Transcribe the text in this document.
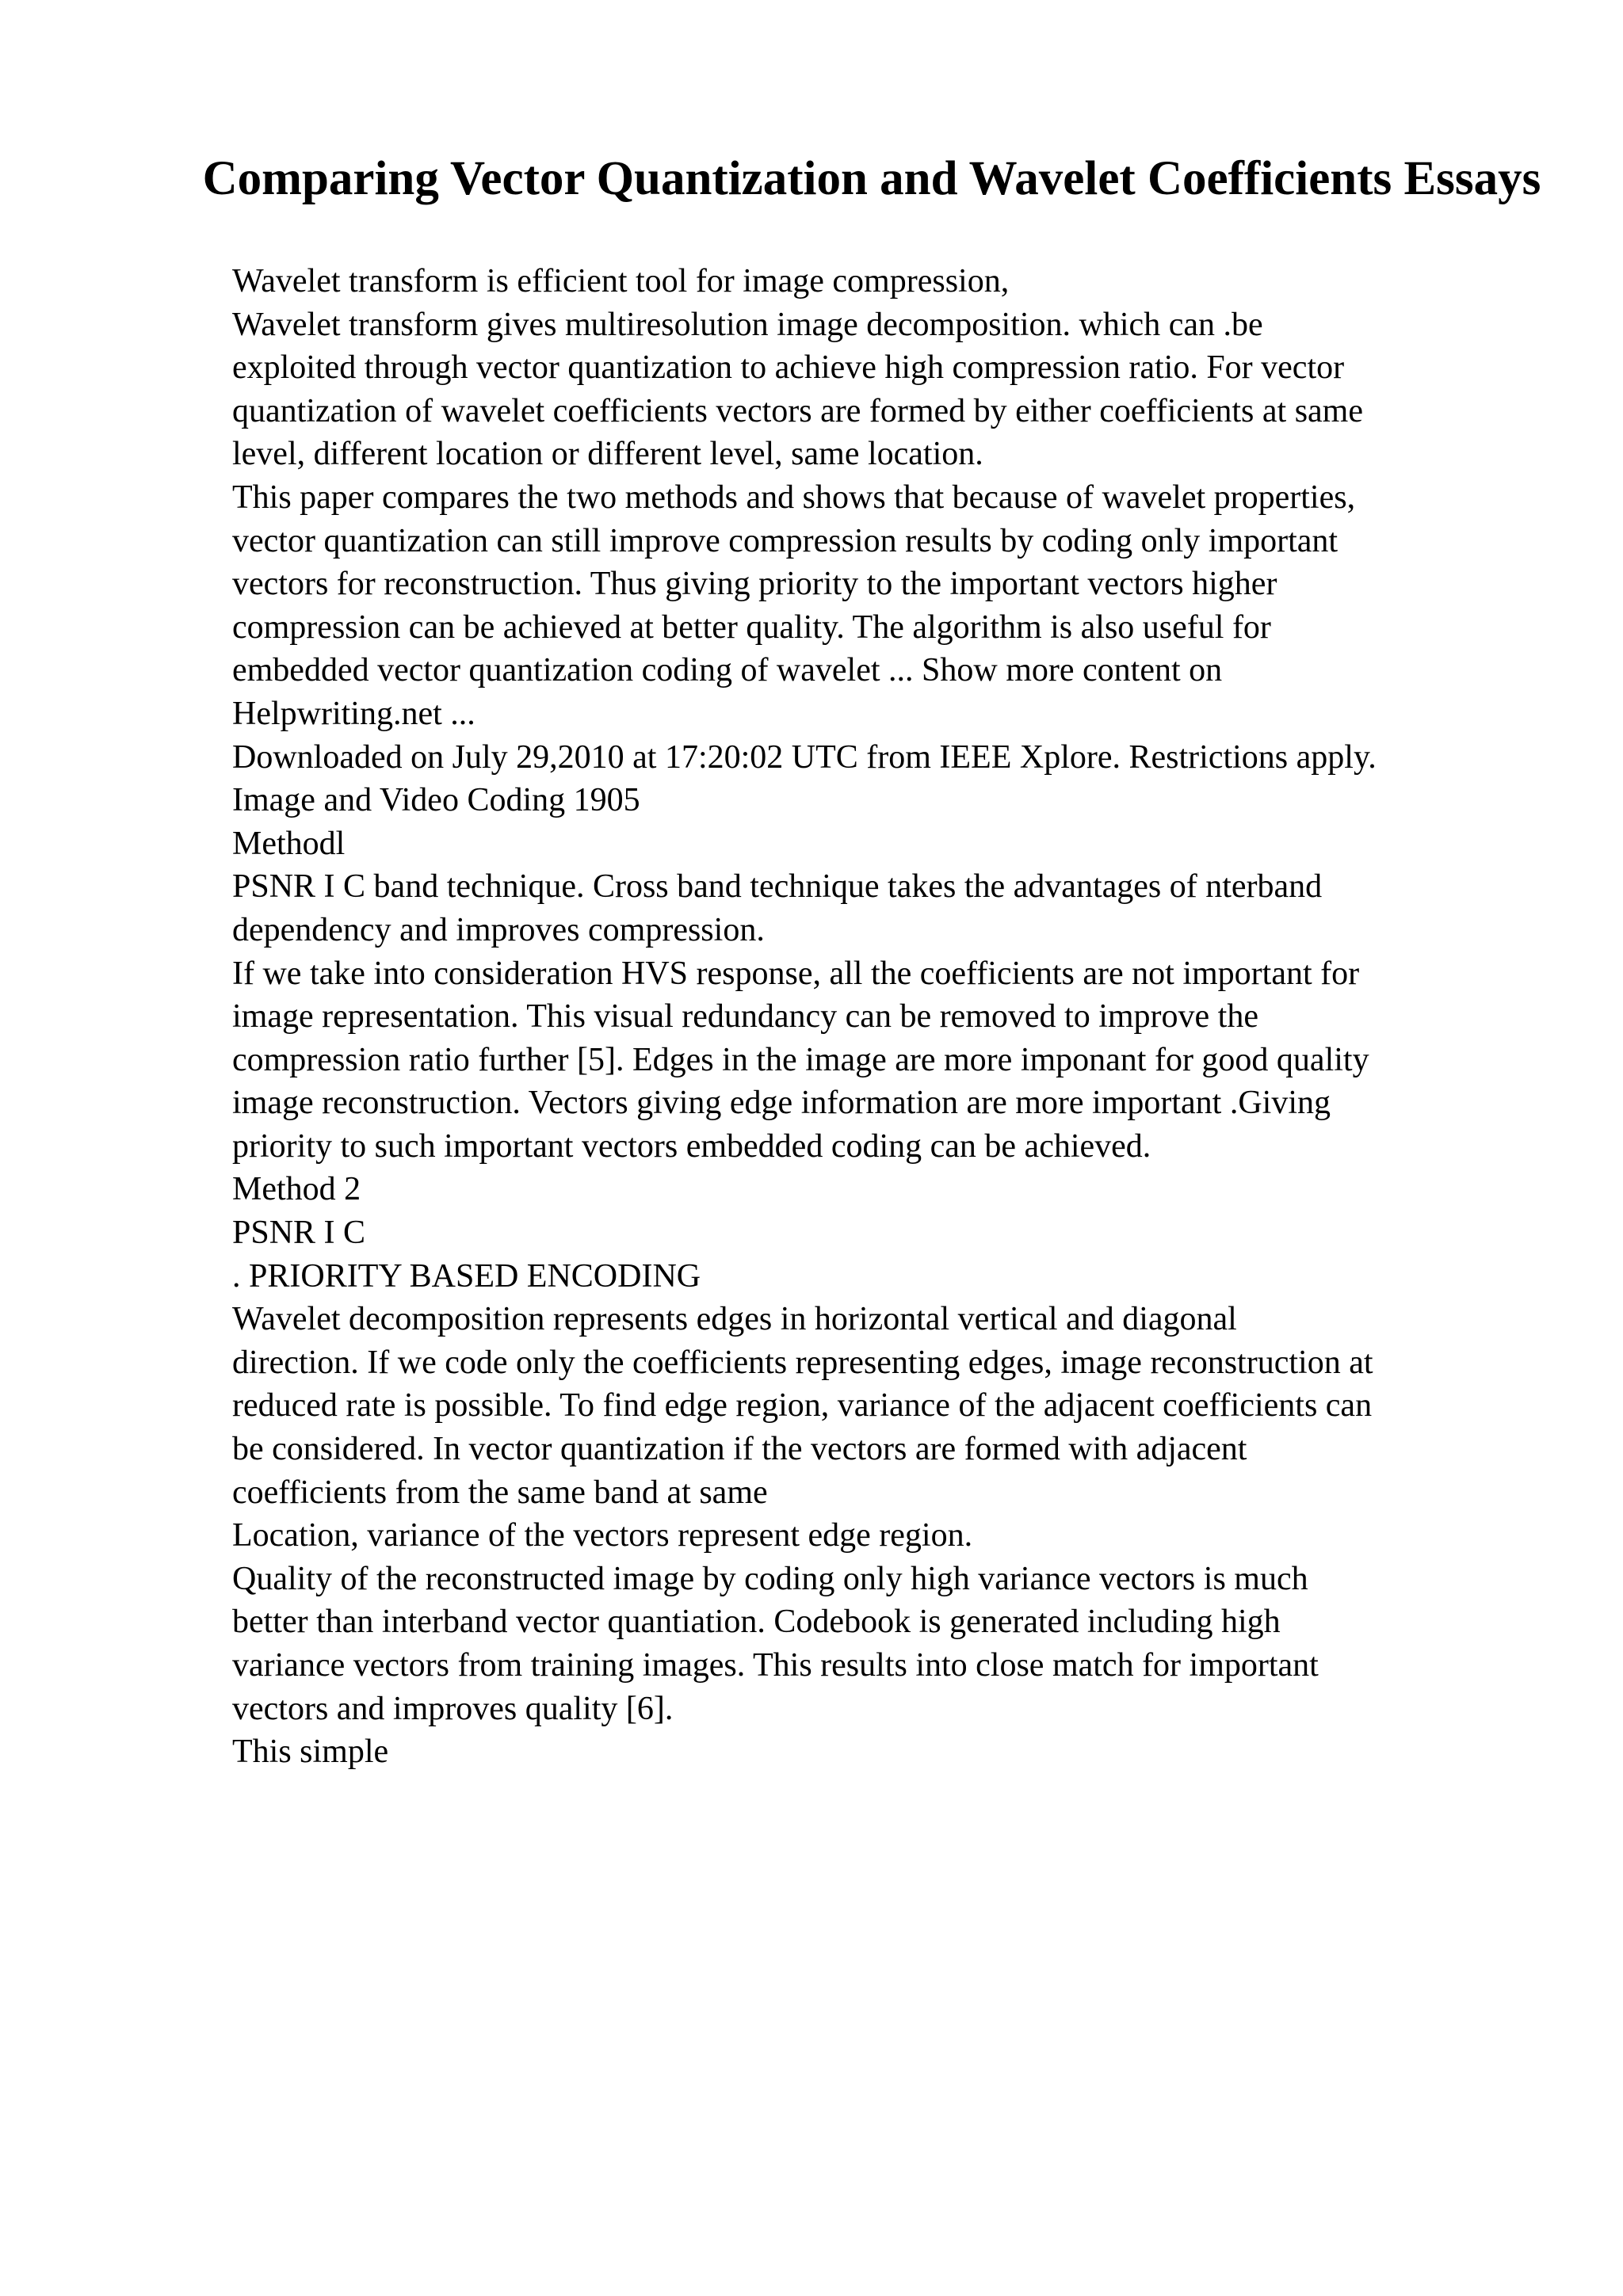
Comparing Vector Quantization and Wavelet Coefficients Essays
Wavelet transform is efficient tool for image compression,
Wavelet transform gives multiresolution image decomposition. which can .be
exploited through vector quantization to achieve high compression ratio. For vector
quantization of wavelet coefficients vectors are formed by either coefficients at same
level, different location or different level, same location.
This paper compares the two methods and shows that because of wavelet properties,
vector quantization can still improve compression results by coding only important
vectors for reconstruction. Thus giving priority to the important vectors higher
compression can be achieved at better quality. The algorithm is also useful for
embedded vector quantization coding of wavelet ... Show more content on
Helpwriting.net ...
Downloaded on July 29,2010 at 17:20:02 UTC from IEEE Xplore. Restrictions apply.
Image and Video Coding 1905
Methodl
PSNR I C band technique. Cross band technique takes the advantages of nterband
dependency and improves compression.
If we take into consideration HVS response, all the coefficients are not important for
image representation. This visual redundancy can be removed to improve the
compression ratio further [5]. Edges in the image are more imponant for good quality
image reconstruction. Vectors giving edge information are more important .Giving
priority to such important vectors embedded coding can be achieved.
Method 2
PSNR I C
. PRIORITY BASED ENCODING
Wavelet decomposition represents edges in horizontal vertical and diagonal
direction. If we code only the coefficients representing edges, image reconstruction at
reduced rate is possible. To find edge region, variance of the adjacent coefficients can
be considered. In vector quantization if the vectors are formed with adjacent
coefficients from the same band at same
Location, variance of the vectors represent edge region.
Quality of the reconstructed image by coding only high variance vectors is much
better than interband vector quantiation. Codebook is generated including high
variance vectors from training images. This results into close match for important
vectors and improves quality [6].
This simple
